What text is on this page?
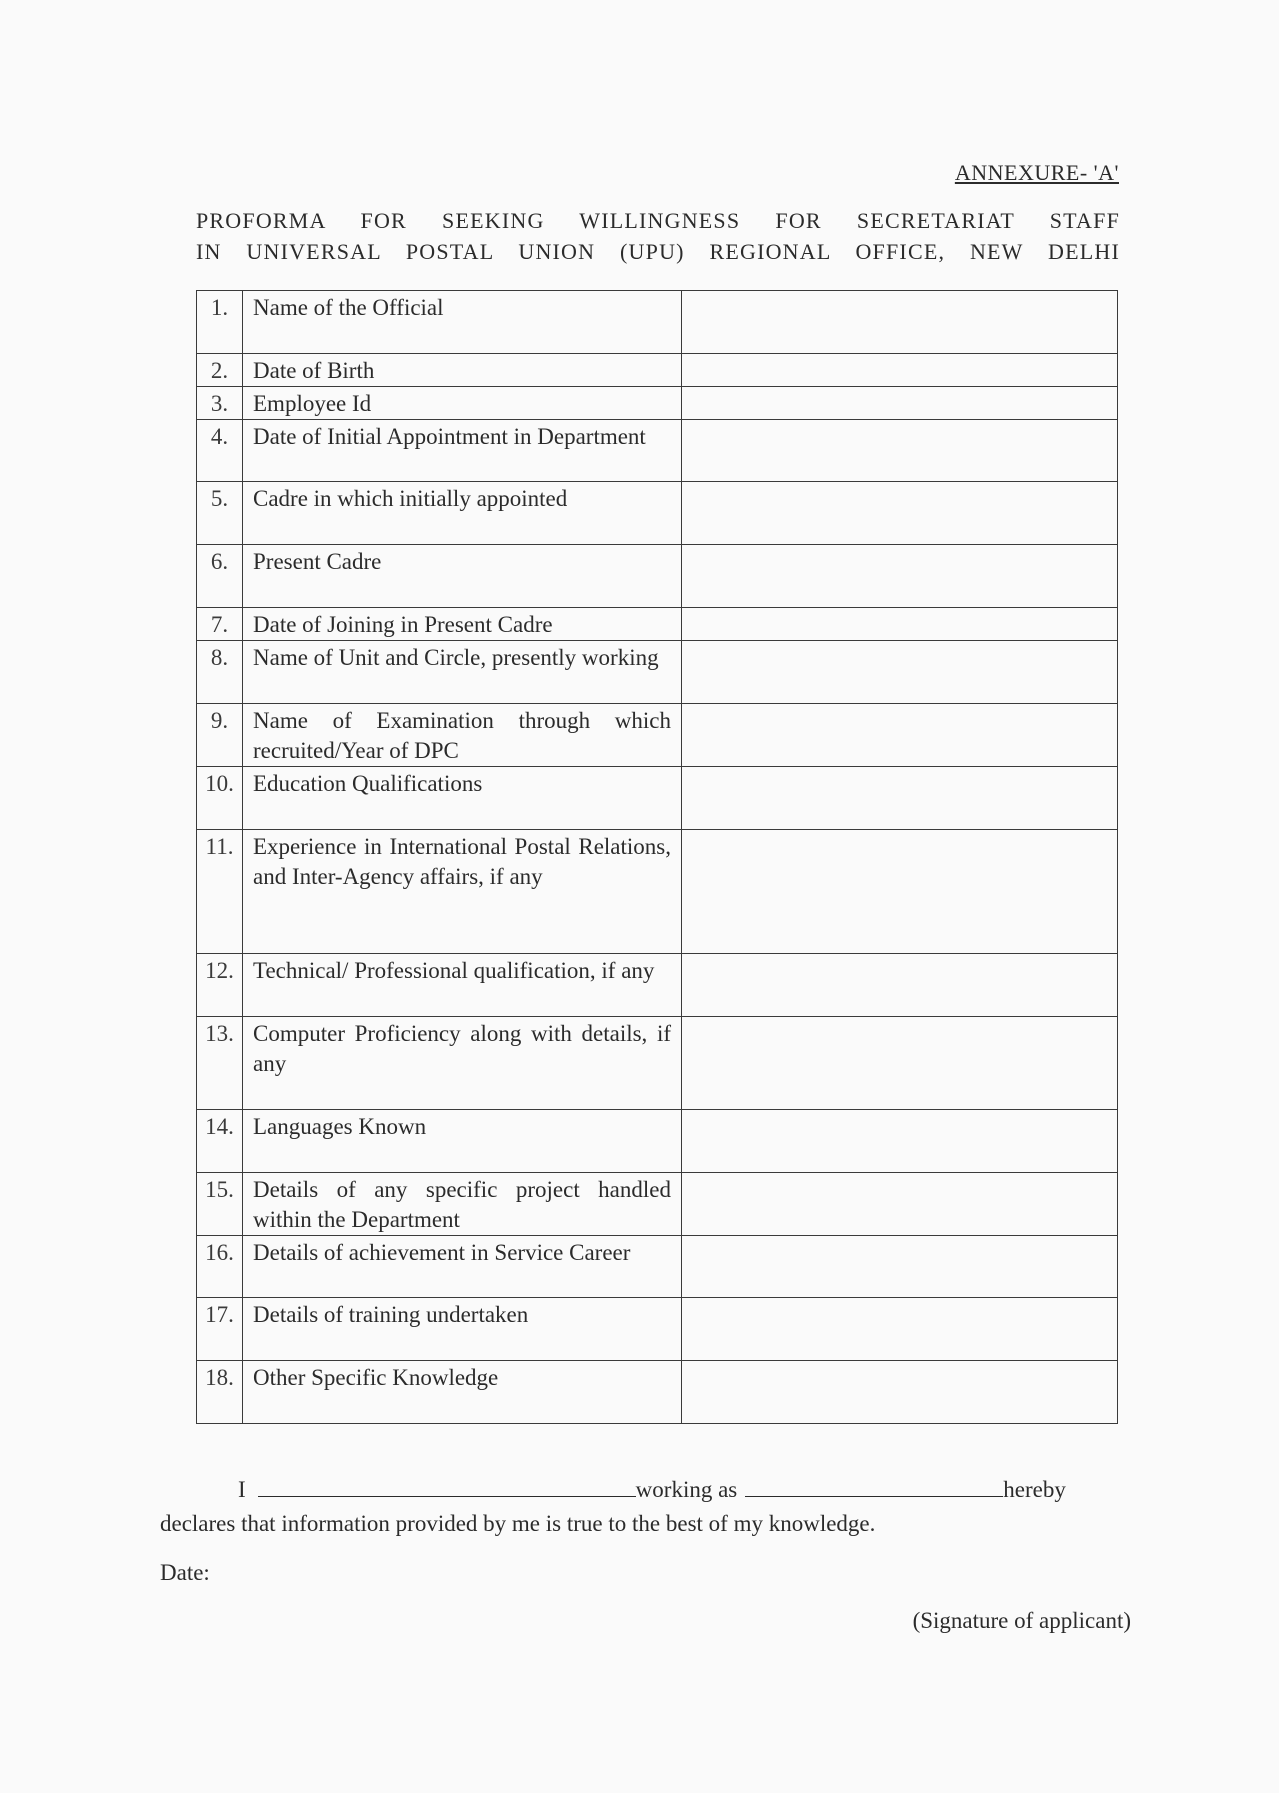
ANNEXURE- 'A'
PROFORMA FOR SEEKING WILLINGNESS FOR SECRETARIAT STAFF
IN UNIVERSAL POSTAL UNION (UPU) REGIONAL OFFICE, NEW DELHI
1.	Name of the Official	
2.	Date of Birth	
3.	Employee Id	
4.	Date of Initial Appointment in Department	
5.	Cadre in which initially appointed	
6.	Present Cadre	
7.	Date of Joining in Present Cadre	
8.	Name of Unit and Circle, presently working	
9.	Name of Examination through which recruited/Year of DPC	
10.	Education Qualifications	
11.	Experience in International Postal Relations, and Inter-Agency affairs, if any	
12.	Technical/ Professional qualification, if any	
13.	Computer Proficiency along with details, if any	
14.	Languages Known	
15.	Details of any specific project handled within the Department	
16.	Details of achievement in Service Career	
17.	Details of training undertaken	
18.	Other Specific Knowledge	
I	working as	hereby
declares that information provided by me is true to the best of my knowledge.
Date:
(Signature of applicant)
